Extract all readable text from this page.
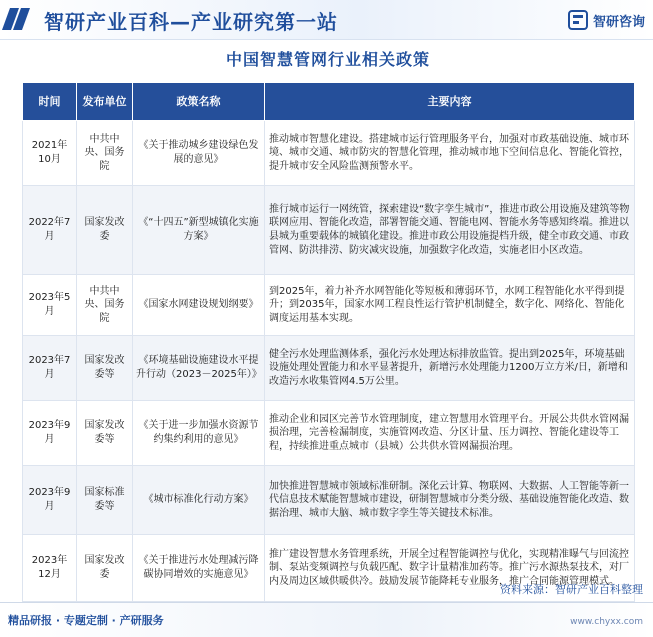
智研产业百科—产业研究第一站	智研咨询
中国智慧管网行业相关政策
时间	发布单位	政策名称	主要内容
2021年10月	中共中央、国务院	《关于推动城乡建设绿色发展的意见》	推动城市智慧化建设。搭建城市运行管理服务平台，加强对市政基础设施、城市环境、城市交通、城市防灾的智慧化管理，推动城市地下空间信息化、智能化管控，提升城市安全风险监测预警水平。
2022年7月	国家发改委	《“十四五”新型城镇化实施方案》	推行城市运行一网统管，探索建设“数字孪生城市”，推进市政公用设施及建筑等物联网应用、智能化改造，部署智能交通、智能电网、智能水务等感知终端。推进以县城为重要载体的城镇化建设。推进市政公用设施提档升级，健全市政交通、市政管网、防洪排涝、防灾减灾设施，加强数字化改造，实施老旧小区改造。
2023年5月	中共中央、国务院	《国家水网建设规划纲要》	到2025年，着力补齐水网智能化等短板和薄弱环节，水网工程智能化水平得到提升；到2035年，国家水网工程良性运行管护机制健全，数字化、网络化、智能化调度运用基本实现。
2023年7月	国家发改委等	《环境基础设施建设水平提升行动（2023－2025年）》	健全污水处理监测体系，强化污水处理达标排放监管。提出到2025年，环境基础设施处理处置能力和水平显著提升，新增污水处理能力1200万立方米/日，新增和改造污水收集管网4.5万公里。
2023年9月	国家发改委等	《关于进一步加强水资源节约集约利用的意见》	推动企业和园区完善节水管理制度，建立智慧用水管理平台。开展公共供水管网漏损治理，完善检漏制度，实施管网改造、分区计量、压力调控、智能化建设等工程，持续推进重点城市（县城）公共供水管网漏损治理。
2023年9月	国家标准委等	《城市标准化行动方案》	加快推进智慧城市领域标准研制。深化云计算、物联网、大数据、人工智能等新一代信息技术赋能智慧城市建设，研制智慧城市分类分级、基础设施智能化改造、数据治理、城市大脑、城市数字孪生等关键技术标准。
2023年12月	国家发改委	《关于推进污水处理减污降碳协同增效的实施意见》	推广建设智慧水务管理系统，开展全过程智能调控与优化，实现精准曝气与回流控制、泵站变频调控与负载匹配、数字计量精准加药等。推广污水源热泵技术，对厂内及周边区域供暖供冷。鼓励发展节能降耗专业服务，推广合同能源管理模式。
精品研报 · 专题定制 · 产研服务
资料来源：智研产业百科整理
www.chyxx.com
